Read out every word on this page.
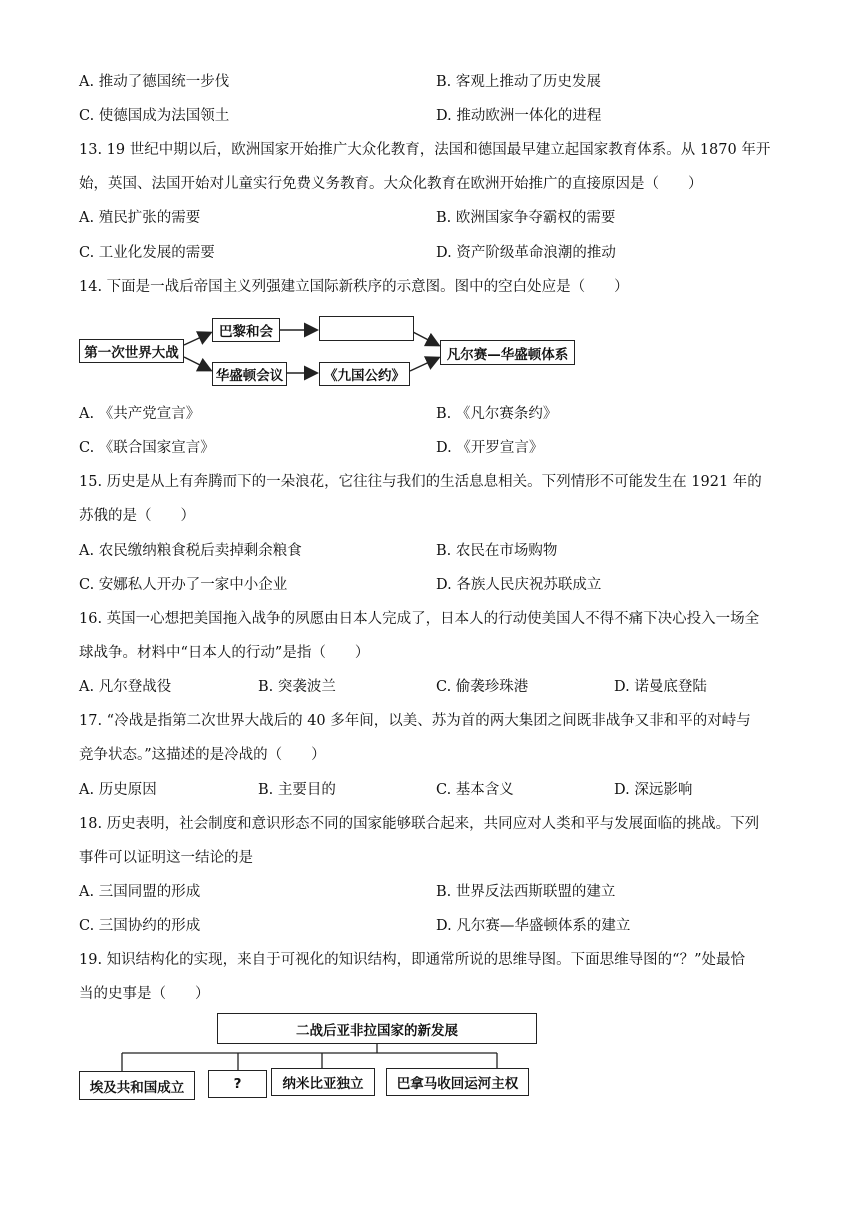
A. 推动了德国统一步伐	B. 客观上推动了历史发展
C. 使德国成为法国领土	D. 推动欧洲一体化的进程
13. 19 世纪中期以后，欧洲国家开始推广大众化教育，法国和德国最早建立起国家教育体系。从 1870 年开
始，英国、法国开始对儿童实行免费义务教育。大众化教育在欧洲开始推广的直接原因是（　　）
A. 殖民扩张的需要	B. 欧洲国家争夺霸权的需要
C. 工业化发展的需要	D. 资产阶级革命浪潮的推动
14. 下面是一战后帝国主义列强建立国际新秩序的示意图。图中的空白处应是（　　）
第一次世界大战
巴黎和会
华盛顿会议	《九国公约》
凡尔赛—华盛顿体系
A. 《共产党宣言》	B. 《凡尔赛条约》
C. 《联合国家宣言》	D. 《开罗宣言》
15. 历史是从上有奔腾而下的一朵浪花，它往往与我们的生活息息相关。下列情形不可能发生在 1921 年的
苏俄的是（　　）
A. 农民缴纳粮食税后卖掉剩余粮食	B. 农民在市场购物
C. 安娜私人开办了一家中小企业	D. 各族人民庆祝苏联成立
16. 英国一心想把美国拖入战争的夙愿由日本人完成了，日本人的行动使美国人不得不痛下决心投入一场全
球战争。材料中“日本人的行动”是指（　　）
A. 凡尔登战役	B. 突袭波兰	C. 偷袭珍珠港	D. 诺曼底登陆
17. “冷战是指第二次世界大战后的 40 多年间，以美、苏为首的两大集团之间既非战争又非和平的对峙与
竞争状态。”这描述的是冷战的（　　）
A. 历史原因	B. 主要目的	C. 基本含义	D. 深远影响
18. 历史表明，社会制度和意识形态不同的国家能够联合起来，共同应对人类和平与发展面临的挑战。下列
事件可以证明这一结论的是
A. 三国同盟的形成	B. 世界反法西斯联盟的建立
C. 三国协约的形成	D. 凡尔赛—华盛顿体系的建立
19. 知识结构化的实现，来自于可视化的知识结构，即通常所说的思维导图。下面思维导图的“？”处最恰
当的史事是（　　）
二战后亚非拉国家的新发展
埃及共和国成立	?	纳米比亚独立	巴拿马收回运河主权
